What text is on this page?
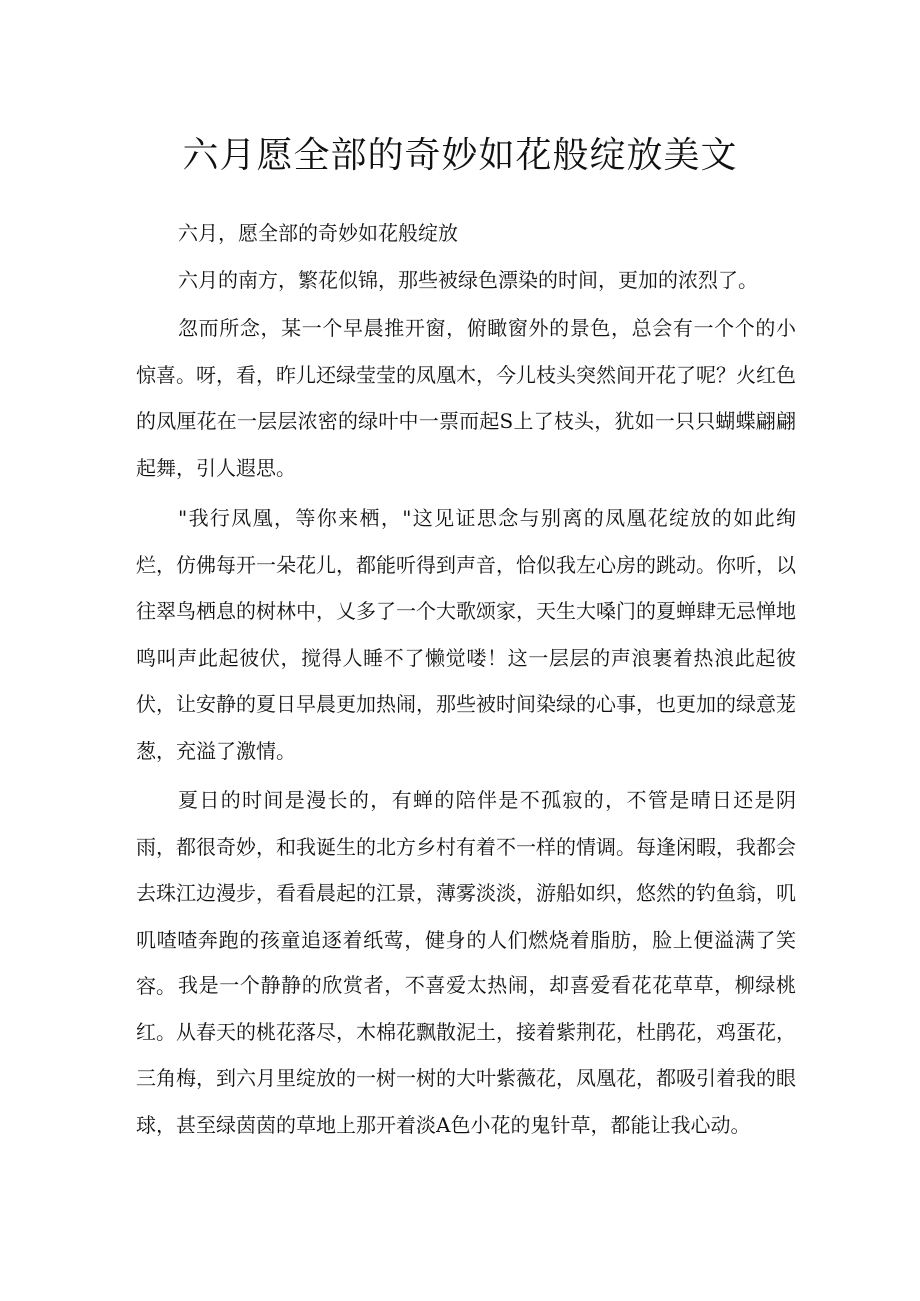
六月愿全部的奇妙如花般绽放美文

六月，愿全部的奇妙如花般绽放

六月的南方，繁花似锦，那些被绿色漂染的时间，更加的浓烈了。

忽而所念，某一个早晨推开窗，俯瞰窗外的景色，总会有一个个的小惊喜。呀，看，昨儿还绿莹莹的凤凰木，今儿枝头突然间开花了呢？火红色的凤厘花在一层层浓密的绿叶中一票而起S上了枝头，犹如一只只蝴蝶翩翩起舞，引人遐思。

"我行凤凰，等你来栖，"这见证思念与别离的凤凰花绽放的如此绚烂，仿佛每开一朵花儿，都能听得到声音，恰似我左心房的跳动。你听，以往翠鸟栖息的树林中，乂多了一个大歌颂家，天生大嗓门的夏蝉肆无忌惮地鸣叫声此起彼伏，搅得人睡不了懒觉喽！这一层层的声浪裹着热浪此起彼伏，让安静的夏日早晨更加热闹，那些被时间染绿的心事，也更加的绿意茏葱，充溢了激情。

夏日的时间是漫长的，有蝉的陪伴是不孤寂的，不管是晴日还是阴雨，都很奇妙，和我诞生的北方乡村有着不一样的情调。每逢闲暇，我都会去珠江边漫步，看看晨起的江景，薄雾淡淡，游船如织，悠然的钓鱼翁，叽叽喳喳奔跑的孩童追逐着纸莺，健身的人们燃烧着脂肪，脸上便溢满了笑容。 我是一个静静的欣赏者，不喜爱太热闹，却喜爱看花花草草，柳绿桃红。从春天的桃花落尽，木棉花飘散泥土，接着紫荆花，杜鹃花，鸡蛋花，三角梅，到六月里绽放的一树一树的大叶紫薇花，凤凰花，都吸引着我的眼球，甚至绿茵茵的草地上那开着淡A色小花的鬼针草，都能让我心动。
